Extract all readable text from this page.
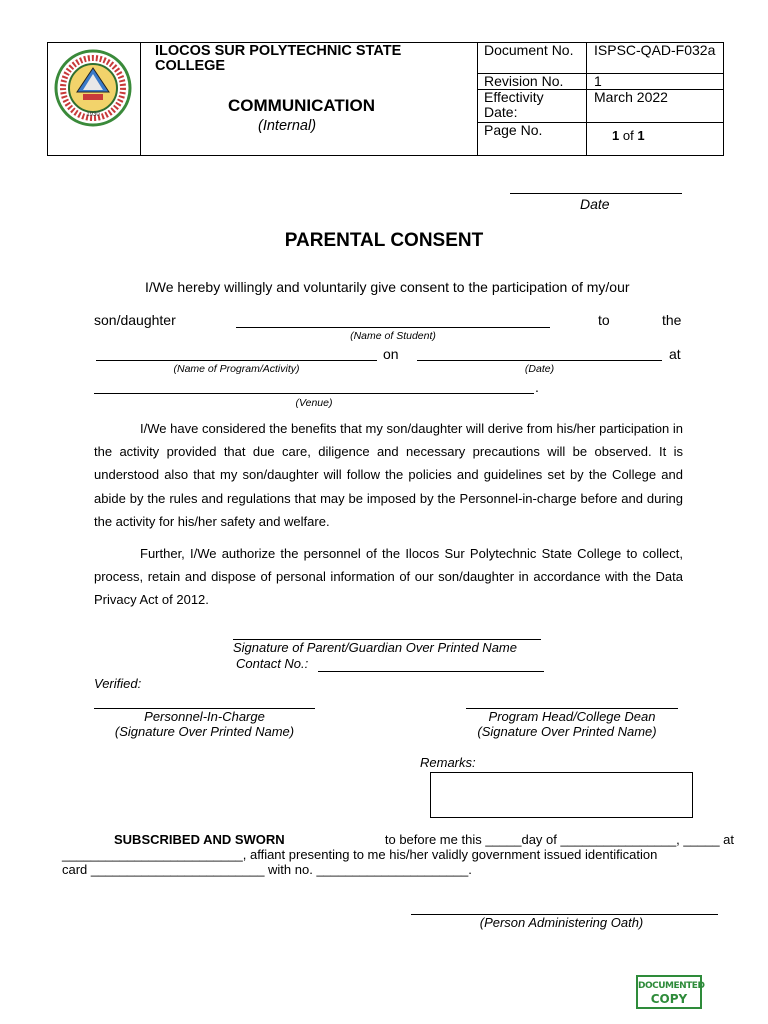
1930
ILOCOS SUR POLYTECHNIC STATE COLLEGE
COMMUNICATION
(Internal)
Document No. ISPSC-QAD-F032a
Revision No. 1
Effectivity Date:
March 2022
Page No.	1 of 1
Date
PARENTAL CONSENT
I/We hereby willingly and voluntarily give consent to the participation of my/our
son/daughter	to	the
(Name of Student)
on	at
(Name of Program/Activity)	(Date)
.
(Venue)

I/We have considered the benefits that my son/daughter will derive from his/her participation in the activity provided that due care, diligence and necessary precautions will be observed. It is understood also that my son/daughter will follow the policies and guidelines set by the College and abide by the rules and regulations that may be imposed by the Personnel-in-charge before and during the activity for his/her safety and welfare.

Further, I/We authorize the personnel of the Ilocos Sur Polytechnic State College to collect, process, retain and dispose of personal information of our son/daughter in accordance with the Data Privacy Act of 2012.

Signature of Parent/Guardian Over Printed Name
Contact No.:
Verified:
Personnel-In-Charge
(Signature Over Printed Name)
Program Head/College Dean
(Signature Over Printed Name)
Remarks:
SUBSCRIBED AND SWORN	to before me this _____day of ________________, _____ at
_________________________, affiant presenting to me his/her validly government issued identification
card ________________________ with no. _____________________.
(Person Administering Oath)
DOCUMENTED
COPY
